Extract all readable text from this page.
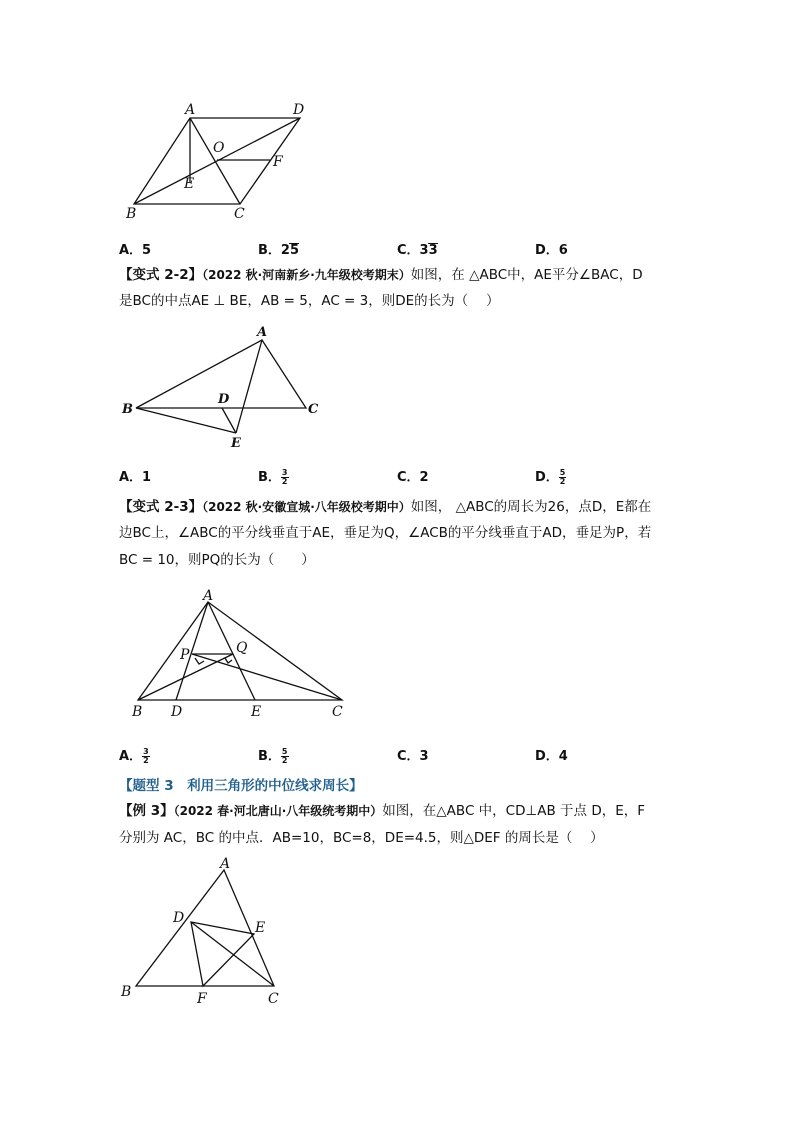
A	D
O
F
E
B	C
A．5	B．25	C．33	D．6
【变式 2-2】（2022 秋·河南新乡·九年级校考期末）如图，在 △ABC中，AE平分∠BAC，D
是BC的中点AE ⊥ BE，AB = 5，AC = 3，则DE的长为（　 ）
A
B
D
C
E
A．1	B． $\frac{3}{2}$	C．2	D． $\frac{5}{2}$
【变式 2-3】（2022 秋·安徽宣城·八年级校考期中）如图， △ABC的周长为26，点D，E都在
边BC上，∠ABC的平分线垂直于AE，垂足为Q，∠ACB的平分线垂直于AD，垂足为P，若
BC = 10，则PQ的长为（　　）
A
P	Q
B D	E	C
A． $\frac{3}{2}$	B． $\frac{5}{2}$	C．3	D．4
【题型 3　利用三角形的中位线求周长】
【例 3】（2022 春·河北唐山·八年级统考期中）如图，在△ABC 中，CD⊥AB 于点 D，E，F
分别为 AC，BC 的中点．AB=10，BC=8，DE=4.5，则△DEF 的周长是（　 ）
A
D
E
B	F	C
